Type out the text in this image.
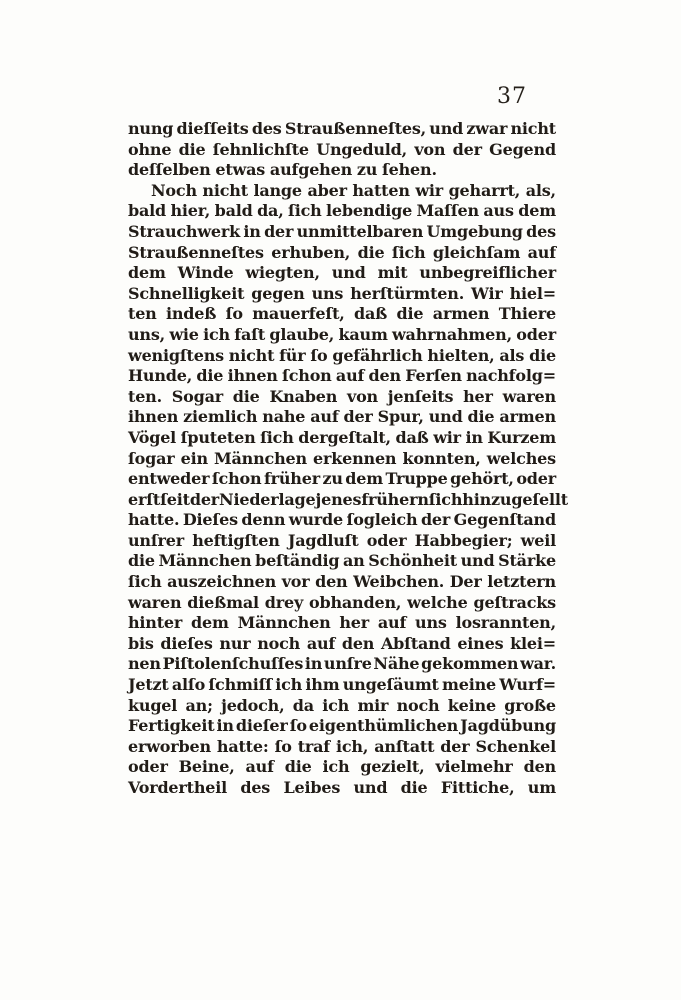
37
nung dieſſeits des Straußenneſtes, und zwar nicht
ohne die ſehnlichſte Ungeduld, von der Gegend
deſſelben etwas aufgehen zu ſehen.
Noch nicht lange aber hatten wir geharrt, als,
bald hier, bald da, ſich lebendige Maſſen aus dem
Strauchwerk in der unmittelbaren Umgebung des
Straußenneſtes erhuben, die ſich gleichſam auf
dem Winde wiegten, und mit unbegreiflicher
Schnelligkeit gegen uns herſtürmten. Wir hiel=
ten indeß ſo mauerfeſt, daß die armen Thiere
uns, wie ich faſt glaube, kaum wahrnahmen, oder
wenigſtens nicht für ſo gefährlich hielten, als die
Hunde, die ihnen ſchon auf den Ferſen nachfolg=
ten. Sogar die Knaben von jenſeits her waren
ihnen ziemlich nahe auf der Spur, und die armen
Vögel ſputeten ſich dergeſtalt, daß wir in Kurzem
ſogar ein Männchen erkennen konnten, welches
entweder ſchon früher zu dem Truppe gehört, oder
erſt ſeit der Niederlage jenes frühern ſich hinzugeſellt
hatte. Dieſes denn wurde ſogleich der Gegenſtand
unſrer heftigſten Jagdluſt oder Habbegier; weil
die Männchen beſtändig an Schönheit und Stärke
ſich auszeichnen vor den Weibchen. Der letztern
waren dießmal drey obhanden, welche geſtracks
hinter dem Männchen her auf uns losrannten,
bis dieſes nur noch auf den Abſtand eines klei=
nen Piſtolenſchuſſes in unſre Nähe gekommen war.
Jetzt alſo ſchmiſſ ich ihm ungeſäumt meine Wurf=
kugel an; jedoch, da ich mir noch keine große
Fertigkeit in dieſer ſo eigenthümlichen Jagdübung
erworben hatte: ſo traf ich, anſtatt der Schenkel
oder Beine, auf die ich gezielt, vielmehr den
Vordertheil des Leibes und die Fittiche, um
